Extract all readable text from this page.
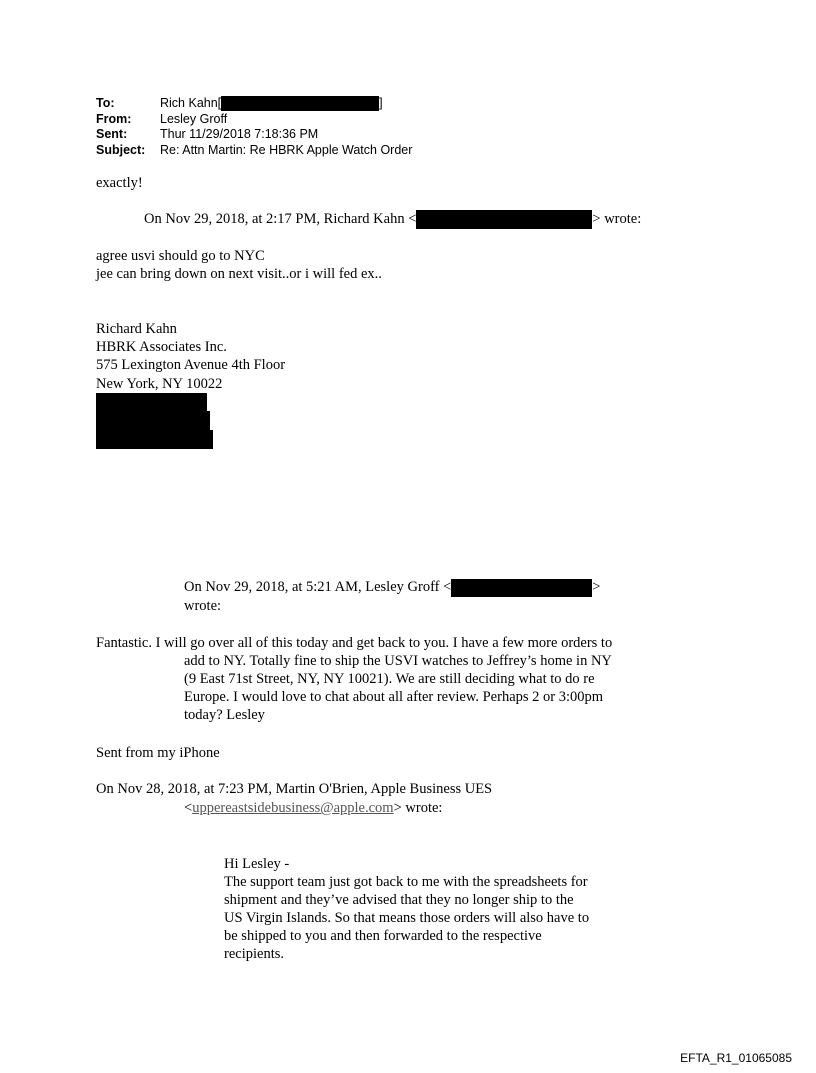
To:	Rich Kahn[	]
From:	Lesley Groff
Sent:	Thur 11/29/2018 7:18:36 PM
Subject:	Re: Attn Martin: Re HBRK Apple Watch Order
exactly!
On Nov 29, 2018, at 2:17 PM, Richard Kahn <	> wrote:
agree usvi should go to NYC
jee can bring down on next visit..or i will fed ex..
Richard Kahn
HBRK Associates Inc.
575 Lexington Avenue 4th Floor
New York, NY 10022
On Nov 29, 2018, at 5:21 AM, Lesley Groff <	>
wrote:
Fantastic. I will go over all of this today and get back to you. I have a few more orders to add to NY. Totally fine to ship the USVI watches to Jeffrey’s home in NY (9 East 71st Street, NY, NY 10021). We are still deciding what to do re Europe. I would love to chat about all after review. Perhaps 2 or 3:00pm today? Lesley
Sent from my iPhone
On Nov 28, 2018, at 7:23 PM, Martin O'Brien, Apple Business UES
<uppereastsidebusiness@apple.com> wrote:
Hi Lesley -
The support team just got back to me with the spreadsheets for shipment and they’ve advised that they no longer ship to the US Virgin Islands. So that means those orders will also have to be shipped to you and then forwarded to the respective recipients.
EFTA_R1_01065085
